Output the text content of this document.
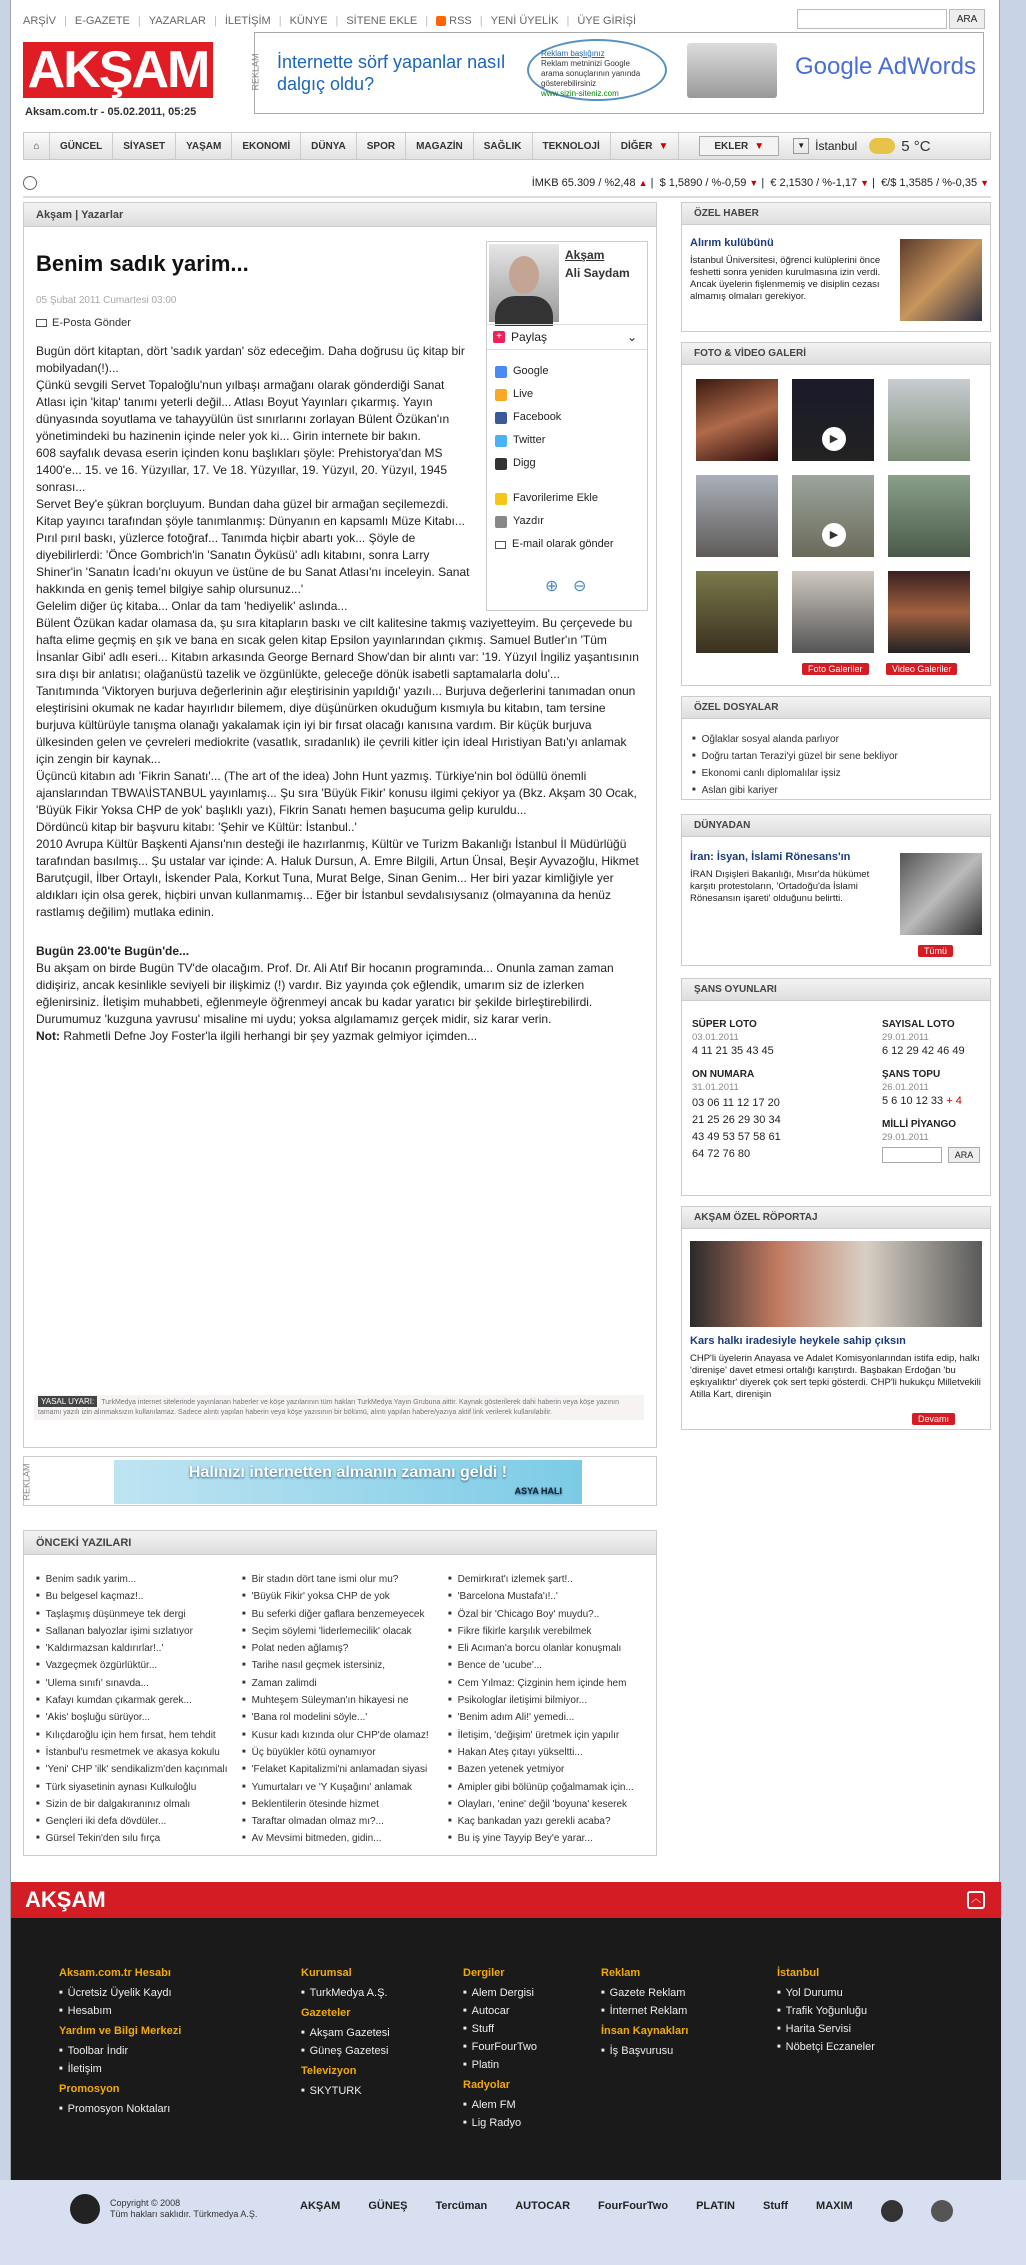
ARŞİV | E-GAZETE | YAZARLAR | İLETİŞİM | KÜNYE | SİTENE EKLE | RSS | YENİ ÜYELİK | ÜYE GİRİŞİ	ARA
AKŞAM
Aksam.com.tr - 05.02.2011, 05:25
REKLAM İnternette sörf yapanlar nasıl dalgıç oldu?
Reklam başlığınız
Reklam metninizi Google arama sonuçlarının yanında gösterebilirsiniz
www.sizin-siteniz.com
Google AdWords
⌂	GÜNCEL	SİYASET	YAŞAM	EKONOMİ	DÜNYA	SPOR	MAGAZİN	SAĞLIK	TEKNOLOJİ	DİĞER ▼	EKLER ▼	▼ İstanbul	5 °C
İMKB 65.309 / %2,48 ▲ | $ 1,5890 / %-0,59 ▼ | € 2,1530 / %-1,17 ▼ | €/$ 1,3585 / %-0,35 ▼
Akşam | Yazarlar
Benim sadık yarim...
05 Şubat 2011 Cumartesi 03:00
E-Posta Gönder
Akşam
Ali Saydam
+ Paylaş	⌄
Google
Live
Facebook
Twitter
Digg
Favorilerime Ekle
Yazdır
E-mail olarak gönder
⊕ ⊖

Bugün dört kitaptan, dört 'sadık yardan' söz edeceğim. Daha doğrusu üç kitap bir mobilyadan(!)...

Çünkü sevgili Servet Topaloğlu'nun yılbaşı armağanı olarak gönderdiği Sanat Atlası için 'kitap' tanımı yeterli değil... Atlası Boyut Yayınları çıkarmış. Yayın dünyasında soyutlama ve tahayyülün üst sınırlarını zorlayan Bülent Özükan'ın yönetimindeki bu hazinenin içinde neler yok ki... Girin internete bir bakın.

608 sayfalık devasa eserin içinden konu başlıkları şöyle: Prehistorya'dan MS 1400'e... 15. ve 16. Yüzyıllar, 17. Ve 18. Yüzyıllar, 19. Yüzyıl, 20. Yüzyıl, 1945 sonrası...

Servet Bey'e şükran borçluyum. Bundan daha güzel bir armağan seçilemezdi. Kitap yayıncı tarafından şöyle tanımlanmış: Dünyanın en kapsamlı Müze Kitabı...

Pırıl pırıl baskı, yüzlerce fotoğraf... Tanımda hiçbir abartı yok... Şöyle de diyebilirlerdi: 'Önce Gombrich'in 'Sanatın Öyküsü' adlı kitabını, sonra Larry Shiner'in 'Sanatın İcadı'nı okuyun ve üstüne de bu Sanat Atlası'nı inceleyin. Sanat hakkında en geniş temel bilgiye sahip olursunuz...'

Gelelim diğer üç kitaba... Onlar da tam 'hediyelik' aslında...

Bülent Özükan kadar olamasa da, şu sıra kitapların baskı ve cilt kalitesine takmış vaziyetteyim. Bu çerçevede bu hafta elime geçmiş en şık ve bana en sıcak gelen kitap Epsilon yayınlarından çıkmış. Samuel Butler'ın 'Tüm İnsanlar Gibi' adlı eseri... Kitabın arkasında George Bernard Show'dan bir alıntı var: '19. Yüzyıl İngiliz yaşantısının sıra dışı bir anlatısı; olağanüstü tazelik ve özgünlükte, geleceğe dönük isabetli saptamalarla dolu'...

Tanıtımında 'Viktoryen burjuva değerlerinin ağır eleştirisinin yapıldığı' yazılı... Burjuva değerlerini tanımadan onun eleştirisini okumak ne kadar hayırlıdır bilemem, diye düşünürken okuduğum kısmıyla bu kitabın, tam tersine burjuva kültürüyle tanışma olanağı yakalamak için iyi bir fırsat olacağı kanısına vardım. Bir küçük burjuva ülkesinden gelen ve çevreleri mediokrite (vasatlık, sıradanlık) ile çevrili kitler için ideal Hıristiyan Batı'yı anlamak için zengin bir kaynak...

Üçüncü kitabın adı 'Fikrin Sanatı'... (The art of the idea) John Hunt yazmış. Türkiye'nin bol ödüllü önemli ajanslarından TBWA\İSTANBUL yayınlamış... Şu sıra 'Büyük Fikir' konusu ilgimi çekiyor ya (Bkz. Akşam 30 Ocak, 'Büyük Fikir Yoksa CHP de yok' başlıklı yazı), Fikrin Sanatı hemen başucuma gelip kuruldu...

Dördüncü kitap bir başvuru kitabı: 'Şehir ve Kültür: İstanbul..'

2010 Avrupa Kültür Başkenti Ajansı'nın desteği ile hazırlanmış, Kültür ve Turizm Bakanlığı İstanbul İl Müdürlüğü tarafından basılmış... Şu ustalar var içinde: A. Haluk Dursun, A. Emre Bilgili, Artun Ünsal, Beşir Ayvazoğlu, Hikmet Barutçugil, İlber Ortaylı, İskender Pala, Korkut Tuna, Murat Belge, Sinan Genim... Her biri yazar kimliğiyle yer aldıkları için olsa gerek, hiçbiri unvan kullanmamış... Eğer bir İstanbul sevdalısıysanız (olmayanına da henüz rastlamış değilim) mutlaka edinin.

Bugün 23.00'te Bugün'de...

Bu akşam on birde Bugün TV'de olacağım. Prof. Dr. Ali Atıf Bir hocanın programında... Onunla zaman zaman didişiriz, ancak kesinlikle seviyeli bir ilişkimiz (!) vardır. Biz yayında çok eğlendik, umarım siz de izlerken eğlenirsiniz. İletişim muhabbeti, eğlenmeyle öğrenmeyi ancak bu kadar yaratıcı bir şekilde birleştirebilirdi.

Durumumuz 'kuzguna yavrusu' misaline mi uydu; yoksa algılamamız gerçek midir, siz karar verin.

Not: Rahmetli Defne Joy Foster'la ilgili herhangi bir şey yazmak gelmiyor içimden...

YASAL UYARI: TurkMedya internet sitelerinde yayınlanan haberler ve köşe yazılarının tüm hakları TurkMedya Yayın Grubuna aittir. Kaynak gösterilerek dahi haberin veya köşe yazının tamamı yazılı izin alınmaksızın kullanılamaz. Sadece alıntı yapılan haberin veya köşe yazısının bir bölümü, alıntı yapılan habere/yazıya aktif link verilerek kullanılabilir.
REKLAM	Halınızı internetten almanın zamanı geldi !
ASYA HALI
ÖNCEKİ YAZILARI
■ Benim sadık yarim...
■ Bu belgesel kaçmaz!..
■ Taşlaşmış düşünmeye tek dergi
■ Sallanan balyozlar işimi sızlatıyor
■ 'Kaldırmazsan kaldırırlar!..'
■ Vazgeçmek özgürlüktür...
■ 'Ulema sınıfı' sınavda...
■ Kafayı kumdan çıkarmak gerek...
■ 'Akis' boşluğu sürüyor...
■ Kılıçdaroğlu için hem fırsat, hem tehdit
■ İstanbul'u resmetmek ve akasya kokulu
■ 'Yeni' CHP 'ilk' sendikalizm'den kaçınmalı
■ Türk siyasetinin aynası Kulkuloğlu
■ Sizin de bir dalgakıranınız olmalı
■ Gençleri iki defa dövdüler...
■ Gürsel Tekin'den sılu fırça
■ Bir stadın dört tane ismi olur mu?
■ 'Büyük Fikir' yoksa CHP de yok
■ Bu seferki diğer gaflara benzemeyecek
■ Seçim söylemi 'liderlemecilik' olacak
■ Polat neden ağlamış?
■ Tarihe nasıl geçmek istersiniz,
■ Zaman zalimdi
■ Muhteşem Süleyman'ın hikayesi ne
■ 'Bana rol modelini söyle...'
■ Kusur kadı kızında olur CHP'de olamaz!
■ Üç büyükler kötü oynamıyor
■ 'Felaket Kapitalizmi'ni anlamadan siyasi
■ Yumurtaları ve 'Y Kuşağını' anlamak
■ Beklentilerin ötesinde hizmet
■ Taraftar olmadan olmaz mı?...
■ Av Mevsimi bitmeden, gidin...
■ Demirkırat'ı izlemek şart!..
■ 'Barcelona Mustafa'ı!..'
■ Özal bir 'Chicago Boy' muydu?..
■ Fikre fikirle karşılık verebilmek
■ Eli Acıman'a borcu olanlar konuşmalı
■ Bence de 'ucube'...
■ Cem Yılmaz: Çizginin hem içinde hem
■ Psikologlar iletişimi bilmiyor...
■ 'Benim adım Ali!' yemedi...
■ İletişim, 'değişim' üretmek için yapılır
■ Hakan Ateş çıtayı yükseltti...
■ Bazen yetenek yetmiyor
■ Amipler gibi bölünüp çoğalmamak için...
■ Olayları, 'enine' değil 'boyuna' keserek
■ Kaç bankadan yazı gerekli acaba?
■ Bu iş yine Tayyip Bey'e yarar...
ÖZEL HABER
Alırım kulübünü
İstanbul Üniversitesi, öğrenci kulüplerini önce feshetti sonra yeniden kurulmasına izin verdi. Ancak üyelerin fişlenmemiş ve disiplin cezası almamış olmaları gerekiyor.
FOTO & VİDEO GALERİ
▶
▶
Foto Galeriler	Video Galeriler
ÖZEL DOSYALAR
■ Oğlaklar sosyal alanda parlıyor
■ Doğru tartan Terazi'yi güzel bir sene bekliyor
■ Ekonomi canlı diplomalılar işsiz
■ Aslan gibi kariyer
DÜNYADAN
İran: İsyan, İslami Rönesans'ın
İRAN Dışişleri Bakanlığı, Mısır'da hükümet karşıtı protestoların, 'Ortadoğu'da İslami Rönesansın işareti' olduğunu belirtti.
Tümü
ŞANS OYUNLARI
SÜPER LOTO
03.01.2011
4 11 21 35 43 45
SAYISAL LOTO
29.01.2011
6 12 29 42 46 49
ON NUMARA
31.01.2011
03 06 11 12 17 20
21 25 26 29 30 34
43 49 53 57 58 61
64 72 76 80
ŞANS TOPU
26.01.2011
5 6 10 12 33 + 4
MİLLİ PİYANGO
29.01.2011
ARA
AKŞAM ÖZEL RÖPORTAJ
Kars halkı iradesiyle heykele sahip çıksın
CHP'li üyelerin Anayasa ve Adalet Komisyonlarından istifa edip, halkı 'direnişe' davet etmesi ortalığı karıştırdı. Başbakan Erdoğan 'bu eşkıyalıktır' diyerek çok sert tepki gösterdi. CHP'li hukukçu Milletvekili Atilla Kart, direnişin
Devamı
AKŞAM	︿
Aksam.com.tr Hesabı
■ Ücretsiz Üyelik Kaydı
■ Hesabım
Yardım ve Bilgi Merkezi
■ Toolbar İndir
■ İletişim
Promosyon
■ Promosyon Noktaları
Kurumsal
■ TurkMedya A.Ş.
Gazeteler
■ Akşam Gazetesi
■ Güneş Gazetesi
Televizyon
■ SKYTURK
Dergiler
■ Alem Dergisi
■ Autocar
■ Stuff
■ FourFourTwo
■ Platin
Radyolar
■ Alem FM
■ Lig Radyo
Reklam
■ Gazete Reklam
■ İnternet Reklam
İnsan Kaynakları
■ İş Başvurusu
İstanbul
■ Yol Durumu
■ Trafik Yoğunluğu
■ Harita Servisi
■ Nöbetçi Eczaneler
Copyright © 2008
Tüm hakları saklıdır. Türkmedya A.Ş.
AKŞAM	GÜNEŞ	Tercüman	AUTOCAR	FourFourTwo	PLATIN	Stuff	MAXIM
